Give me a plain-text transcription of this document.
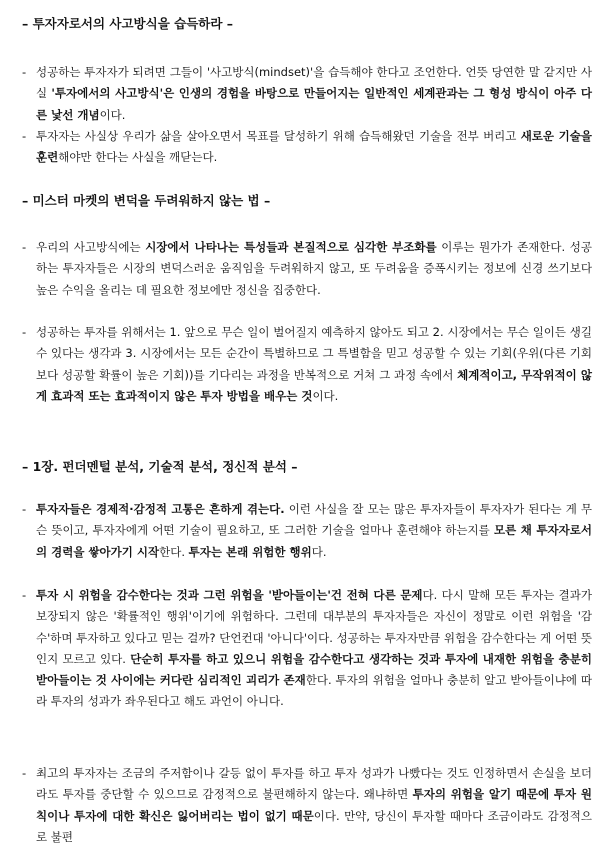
– 투자자로서의 사고방식을 습득하라 –
- 성공하는 투자자가 되려면 그들이 '사고방식(mindset)'을 습득해야 한다고 조언한다. 언뜻 당연한 말 같지만 사실 '투자에서의 사고방식'은 인생의 경험을 바탕으로 만들어지는 일반적인 세계관과는 그 형성 방식이 아주 다른 낯선 개념이다.
- 투자자는 사실상 우리가 삶을 살아오면서 목표를 달성하기 위해 습득해왔던 기술을 전부 버리고 새로운 기술을 훈련해야만 한다는 사실을 깨닫는다.
– 미스터 마켓의 변덕을 두려워하지 않는 법 –
- 우리의 사고방식에는 시장에서 나타나는 특성들과 본질적으로 심각한 부조화를 이루는 뭔가가 존재한다. 성공하는 투자자들은 시장의 변덕스러운 움직임을 두려워하지 않고, 또 두려움을 증폭시키는 정보에 신경 쓰기보다 높은 수익을 올리는 데 필요한 정보에만 정신을 집중한다.
- 성공하는 투자를 위해서는 1. 앞으로 무슨 일이 벌어질지 예측하지 않아도 되고 2. 시장에서는 무슨 일이든 생길 수 있다는 생각과 3. 시장에서는 모든 순간이 특별하므로 그 특별함을 믿고 성공할 수 있는 기회(우위(다른 기회보다 성공할 확률이 높은 기회))를 기다리는 과정을 반복적으로 거쳐 그 과정 속에서 체계적이고, 무작위적이 않게 효과적 또는 효과적이지 않은 투자 방법을 배우는 것이다.
– 1장. 펀더멘털 분석, 기술적 분석, 정신적 분석 –
- 투자자들은 경제적·감정적 고통은 흔하게 겪는다. 이런 사실을 잘 모는 많은 투자자들이 투자자가 된다는 게 무슨 뜻이고, 투자자에게 어떤 기술이 필요하고, 또 그러한 기술을 얼마나 훈련해야 하는지를 모른 채 투자자로서의 경력을 쌓아가기 시작한다. 투자는 본래 위험한 행위다.
- 투자 시 위험을 감수한다는 것과 그런 위험을 '받아들이는'건 전혀 다른 문제다. 다시 말해 모든 투자는 결과가 보장되지 않은 '확률적인 행위'이기에 위험하다. 그런데 대부분의 투자자들은 자신이 정말로 이런 위험을 '감수'하며 투자하고 있다고 믿는 걸까? 단언컨대 '아니다'이다. 성공하는 투자자만큼 위험을 감수한다는 게 어떤 뜻인지 모르고 있다. 단순히 투자를 하고 있으니 위험을 감수한다고 생각하는 것과 투자에 내재한 위험을 충분히 받아들이는 것 사이에는 커다란 심리적인 괴리가 존재한다. 투자의 위험을 얼마나 충분히 알고 받아들이냐에 따라 투자의 성과가 좌우된다고 해도 과언이 아니다.
- 최고의 투자자는 조금의 주저함이나 갈등 없이 투자를 하고 투자 성과가 나빴다는 것도 인정하면서 손실을 보더라도 투자를 중단할 수 있으므로 감정적으로 불편해하지 않는다. 왜냐하면 투자의 위험을 알기 때문에 투자 원칙이나 투자에 대한 확신은 잃어버리는 법이 없기 때문이다. 만약, 당신이 투자할 때마다 조금이라도 감정적으로 불편
